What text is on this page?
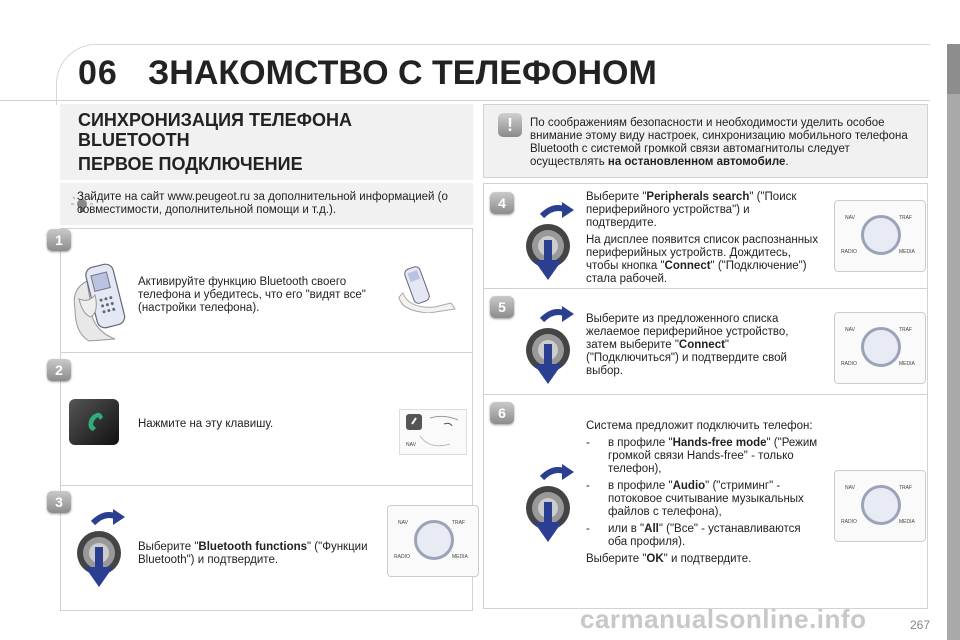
06 ЗНАКОМСТВО С ТЕЛЕФОНОМ
СИНХРОНИЗАЦИЯ ТЕЛЕФОНА
BLUETOOTH
ПЕРВОЕ ПОДКЛЮЧЕНИЕ
!	По соображениям безопасности и необходимости уделить особое внимание этому виду настроек, синхронизацию мобильного телефона Bluetooth с системой громкой связи автомагнитолы следует осуществлять на остановленном автомобиле.
Зайдите на сайт www.peugeot.ru за дополнительной информацией (о совместимости, дополнительной помощи и т.д.).
1
Активируйте функцию Bluetooth своего телефона и убедитесь, что его "видят все" (настройки телефона).
2
Нажмите на эту клавишу.
NAV
3
Выберите "Bluetooth functions" ("Функции Bluetooth") и подтвердите.
NAV	TRAF
RADIO	MEDIA
4	Выберите "Peripherals search" ("Поиск периферийного устройства") и подтвердите.
На дисплее появится список распознанных периферийных устройств. Дождитесь, чтобы кнопка "Connect" ("Подключение") стала рабочей.
NAV	TRAF
RADIO	MEDIA
5
Выберите из предложенного списка желаемое периферийное устройство, затем выберите "Connect" ("Подключиться") и подтвердите свой выбор.
NAV	TRAF
RADIO	MEDIA
6
Система предложит подключить телефон:
-	в профиле "Hands-free mode" ("Режим громкой связи Hands-free" - только телефон),
-	в профиле "Audio" ("стриминг" - потоковое считывание музыкальных файлов с телефона),
-	или в "All" ("Все" - устанавливаются оба профиля).
Выберите "OK" и подтвердите.
NAV	TRAF
RADIO	MEDIA
carmanualsonline.info	267
